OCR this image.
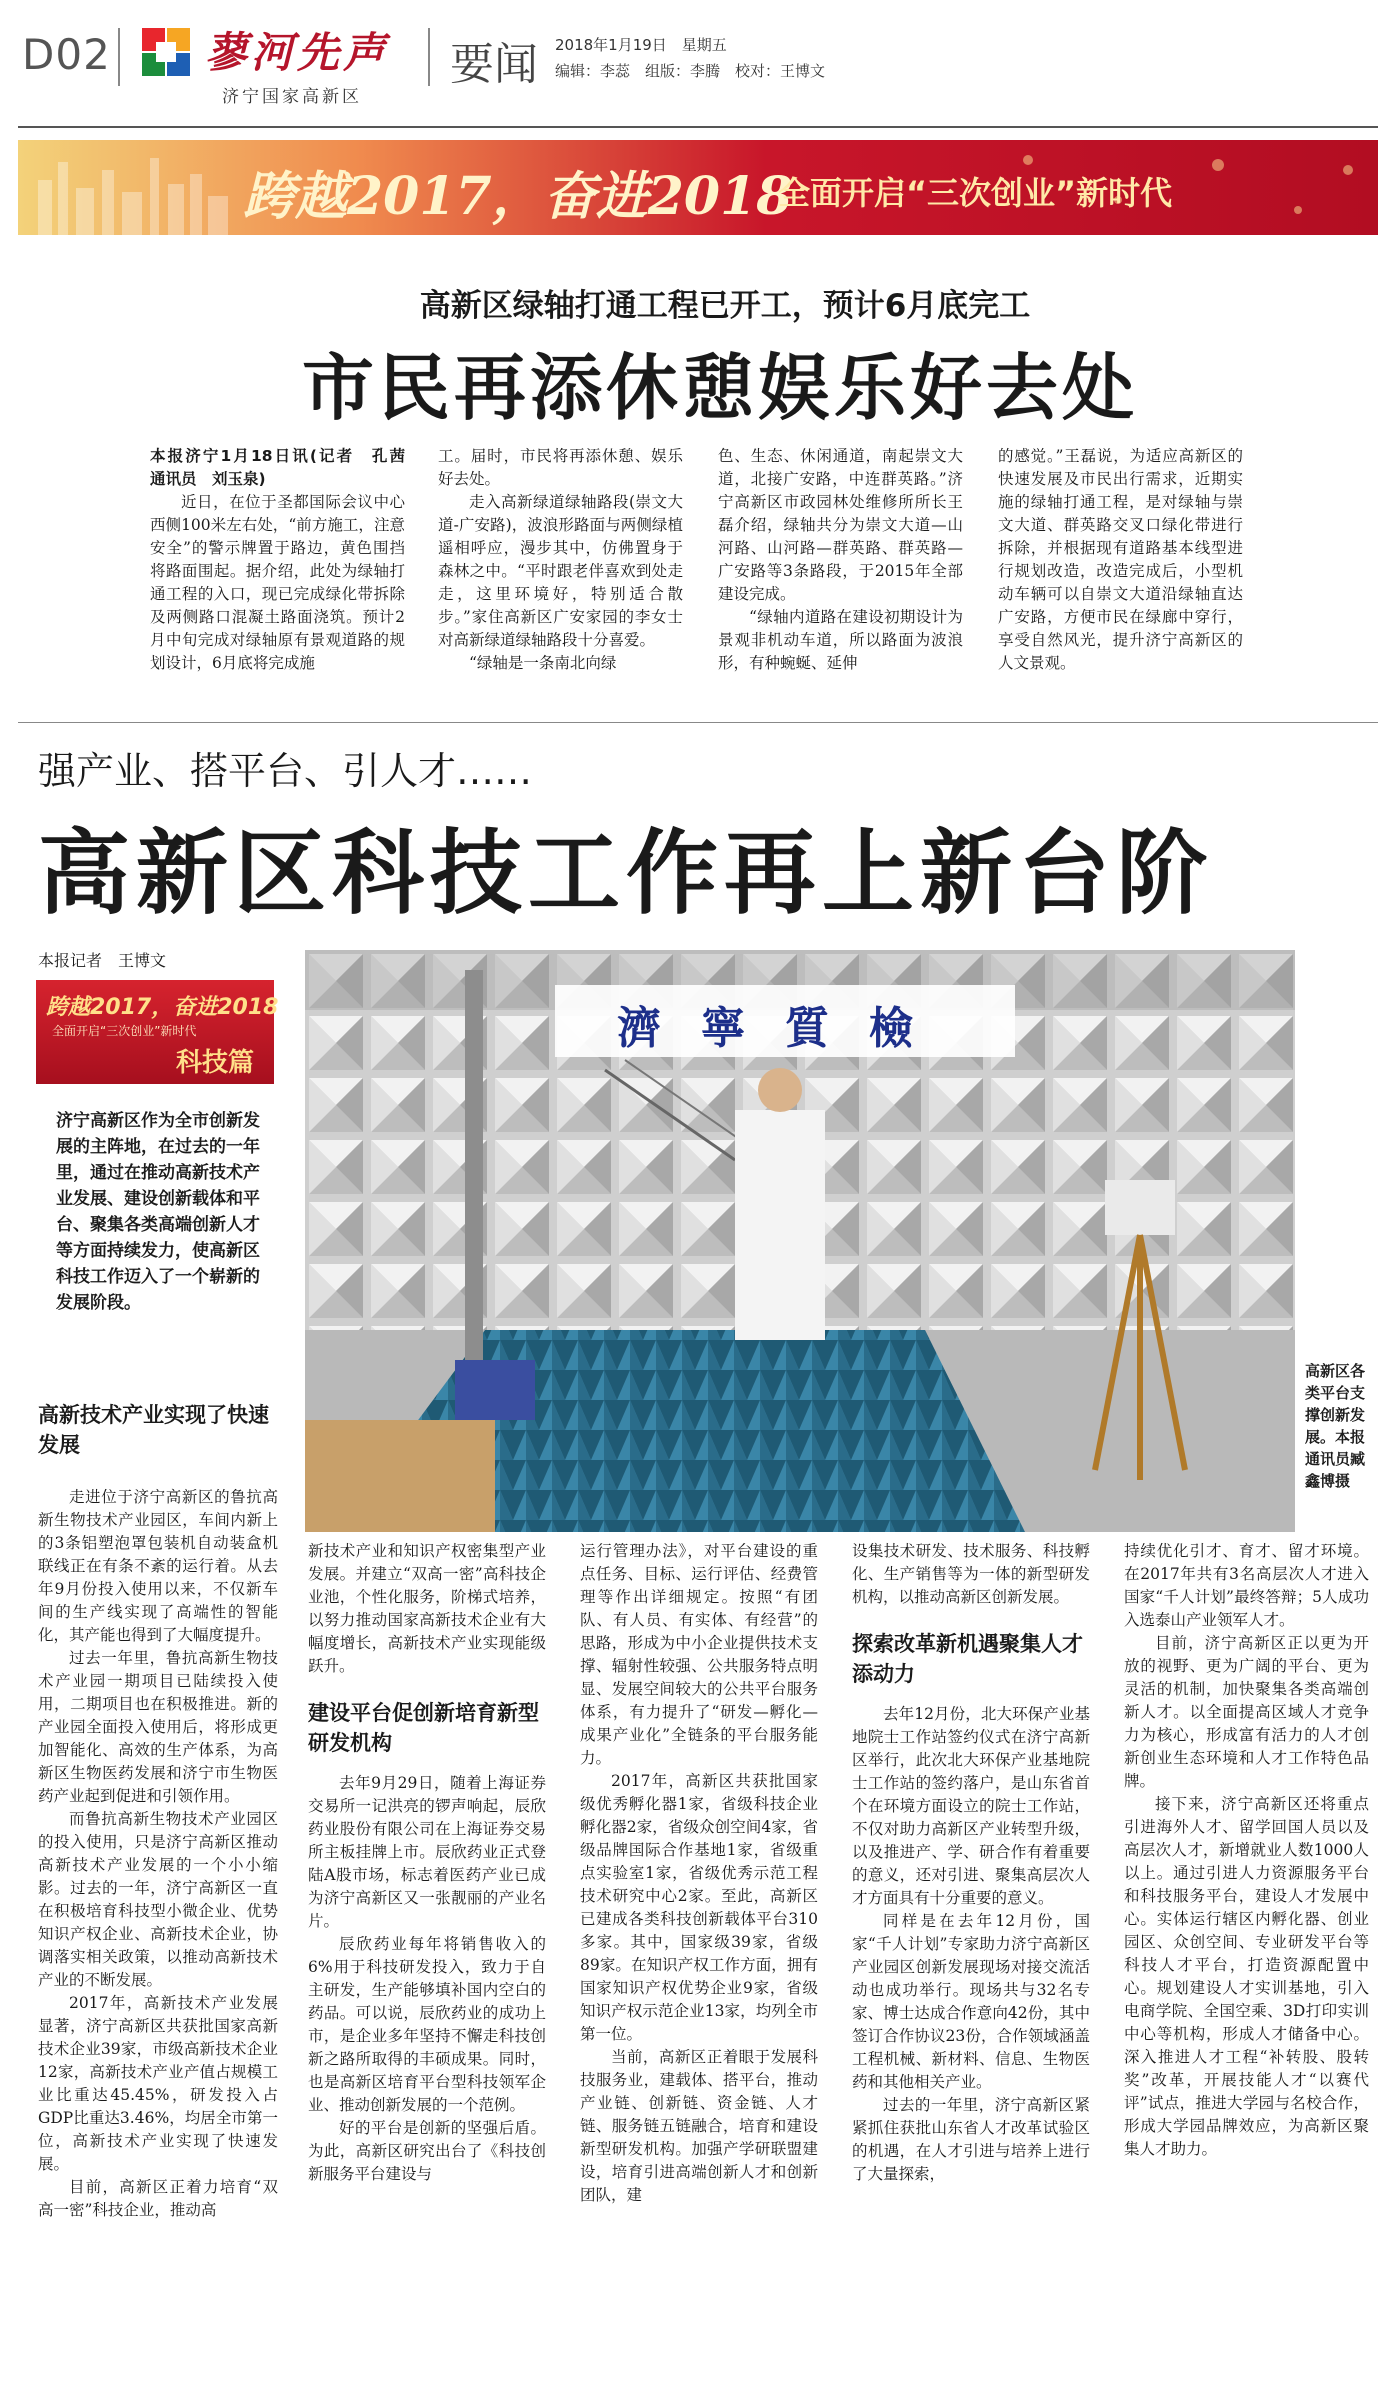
D02 蓼河先声
济宁国家高新区
要闻 2018年1月19日　星期五
编辑：李蕊　组版：李腾　校对：王博文
跨越2017，奋进2018
全面开启“三次创业”新时代
高新区绿轴打通工程已开工，预计6月底完工
市民再添休憩娱乐好去处

本报济宁1月18日讯(记者　孔茜　通讯员　刘玉泉)

近日，在位于圣都国际会议中心西侧100米左右处，“前方施工，注意安全”的警示牌置于路边，黄色围挡将路面围起。据介绍，此处为绿轴打通工程的入口，现已完成绿化带拆除及两侧路口混凝土路面浇筑。预计2月中旬完成对绿轴原有景观道路的规划设计，6月底将完成施

工。届时，市民将再添休憩、娱乐好去处。

走入高新绿道绿轴路段(崇文大道-广安路)，波浪形路面与两侧绿植遥相呼应，漫步其中，仿佛置身于森林之中。“平时跟老伴喜欢到处走走，这里环境好，特别适合散步。”家住高新区广安家园的李女士对高新绿道绿轴路段十分喜爱。

“绿轴是一条南北向绿

色、生态、休闲通道，南起崇文大道，北接广安路，中连群英路。”济宁高新区市政园林处维修所所长王磊介绍，绿轴共分为崇文大道—山河路、山河路—群英路、群英路—广安路等3条路段，于2015年全部建设完成。

“绿轴内道路在建设初期设计为景观非机动车道，所以路面为波浪形，有种蜿蜒、延伸

的感觉。”王磊说，为适应高新区的快速发展及市民出行需求，近期实施的绿轴打通工程，是对绿轴与崇文大道、群英路交叉口绿化带进行拆除，并根据现有道路基本线型进行规划改造，改造完成后，小型机动车辆可以自崇文大道沿绿轴直达广安路，方便市民在绿廊中穿行，享受自然风光，提升济宁高新区的人文景观。

强产业、搭平台、引人才……
高新区科技工作再上新台阶
本报记者　王博文
跨越2017，奋进2018
全面开启“三次创业”新时代
科技篇
济宁高新区作为全市创新发展的主阵地，在过去的一年里，通过在推动高新技术产业发展、建设创新载体和平台、聚集各类高端创新人才等方面持续发力，使高新区科技工作迈入了一个崭新的发展阶段。
濟寧質檢
高新区各类平台支撑创新发展。本报通讯员臧鑫博摄
高新技术产业实现了快速发展

走进位于济宁高新区的鲁抗高新生物技术产业园区，车间内新上的3条铝塑泡罩包装机自动装盒机联线正在有条不紊的运行着。从去年9月份投入使用以来，不仅新车间的生产线实现了高端性的智能化，其产能也得到了大幅度提升。

过去一年里，鲁抗高新生物技术产业园一期项目已陆续投入使用，二期项目也在积极推进。新的产业园全面投入使用后，将形成更加智能化、高效的生产体系，为高新区生物医药发展和济宁市生物医药产业起到促进和引领作用。

而鲁抗高新生物技术产业园区的投入使用，只是济宁高新区推动高新技术产业发展的一个小小缩影。过去的一年，济宁高新区一直在积极培育科技型小微企业、优势知识产权企业、高新技术企业，协调落实相关政策，以推动高新技术产业的不断发展。

2017年，高新技术产业发展显著，济宁高新区共获批国家高新技术企业39家，市级高新技术企业12家，高新技术产业产值占规模工业比重达45.45%，研发投入占GDP比重达3.46%，均居全市第一位，高新技术产业实现了快速发展。

目前，高新区正着力培育“双高一密”科技企业，推动高

新技术产业和知识产权密集型产业发展。并建立“双高一密”高科技企业池，个性化服务，阶梯式培养，以努力推动国家高新技术企业有大幅度增长，高新技术产业实现能级跃升。

建设平台促创新培育新型研发机构

去年9月29日，随着上海证券交易所一记洪亮的锣声响起，辰欣药业股份有限公司在上海证券交易所主板挂牌上市。辰欣药业正式登陆A股市场，标志着医药产业已成为济宁高新区又一张靓丽的产业名片。

辰欣药业每年将销售收入的6%用于科技研发投入，致力于自主研发，生产能够填补国内空白的药品。可以说，辰欣药业的成功上市，是企业多年坚持不懈走科技创新之路所取得的丰硕成果。同时，也是高新区培育平台型科技领军企业、推动创新发展的一个范例。

好的平台是创新的坚强后盾。为此，高新区研究出台了《科技创新服务平台建设与

运行管理办法》，对平台建设的重点任务、目标、运行评估、经费管理等作出详细规定。按照“有团队、有人员、有实体、有经营”的思路，形成为中小企业提供技术支撑、辐射性较强、公共服务特点明显、发展空间较大的公共平台服务体系，有力提升了“研发—孵化—成果产业化”全链条的平台服务能力。

2017年，高新区共获批国家级优秀孵化器1家，省级科技企业孵化器2家，省级众创空间4家，省级品牌国际合作基地1家，省级重点实验室1家，省级优秀示范工程技术研究中心2家。至此，高新区已建成各类科技创新载体平台310多家。其中，国家级39家，省级89家。在知识产权工作方面，拥有国家知识产权优势企业9家，省级知识产权示范企业13家，均列全市第一位。

当前，高新区正着眼于发展科技服务业，建载体、搭平台，推动产业链、创新链、资金链、人才链、服务链五链融合，培育和建设新型研发机构。加强产学研联盟建设，培育引进高端创新人才和创新团队，建

设集技术研发、技术服务、科技孵化、生产销售等为一体的新型研发机构，以推动高新区创新发展。

探索改革新机遇聚集人才添动力

去年12月份，北大环保产业基地院士工作站签约仪式在济宁高新区举行，此次北大环保产业基地院士工作站的签约落户，是山东省首个在环境方面设立的院士工作站，不仅对助力高新区产业转型升级，以及推进产、学、研合作有着重要的意义，还对引进、聚集高层次人才方面具有十分重要的意义。

同样是在去年12月份，国家“千人计划”专家助力济宁高新区产业园区创新发展现场对接交流活动也成功举行。现场共与32名专家、博士达成合作意向42份，其中签订合作协议23份，合作领域涵盖工程机械、新材料、信息、生物医药和其他相关产业。

过去的一年里，济宁高新区紧紧抓住获批山东省人才改革试验区的机遇，在人才引进与培养上进行了大量探索，

持续优化引才、育才、留才环境。在2017年共有3名高层次人才进入国家“千人计划”最终答辩；5人成功入选泰山产业领军人才。

目前，济宁高新区正以更为开放的视野、更为广阔的平台、更为灵活的机制，加快聚集各类高端创新人才。以全面提高区域人才竞争力为核心，形成富有活力的人才创新创业生态环境和人才工作特色品牌。

接下来，济宁高新区还将重点引进海外人才、留学回国人员以及高层次人才，新增就业人数1000人以上。通过引进人力资源服务平台和科技服务平台，建设人才发展中心。实体运行辖区内孵化器、创业园区、众创空间、专业研发平台等科技人才平台，打造资源配置中心。规划建设人才实训基地，引入电商学院、全国空乘、3D打印实训中心等机构，形成人才储备中心。深入推进人才工程“补转股、股转奖”改革，开展技能人才“以赛代评”试点，推进大学园与名校合作，形成大学园品牌效应，为高新区聚集人才助力。
